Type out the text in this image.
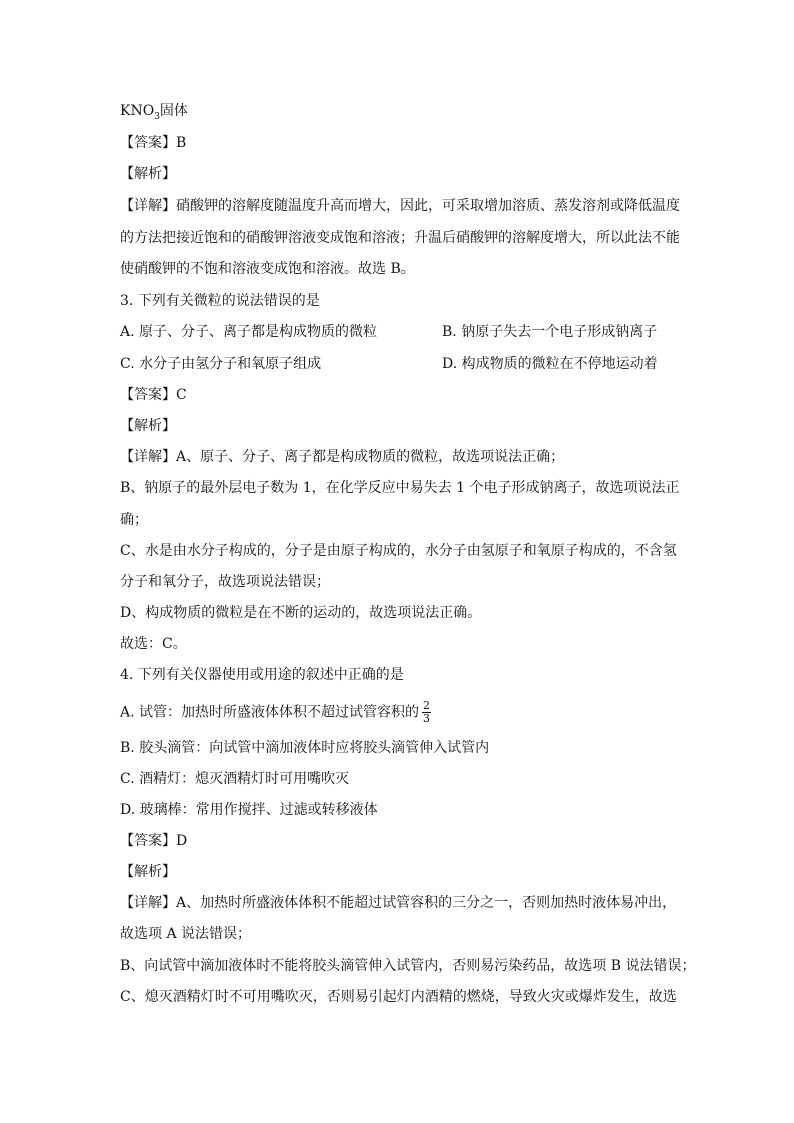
$KNO_3$固体
【答案】B
【解析】
【详解】硝酸钾的溶解度随温度升高而增大，因此，可采取增加溶质、蒸发溶剂或降低温度
的方法把接近饱和的硝酸钾溶液变成饱和溶液；升温后硝酸钾的溶解度增大，所以此法不能
使硝酸钾的不饱和溶液变成饱和溶液。故选 B。
3. 下列有关微粒的说法错误的是
A. 原子、分子、离子都是构成物质的微粒	B. 钠原子失去一个电子形成钠离子
C. 水分子由氢分子和氧原子组成	D. 构成物质的微粒在不停地运动着
【答案】C
【解析】
【详解】A、原子、分子、离子都是构成物质的微粒，故选项说法正确；
B、钠原子的最外层电子数为 1，在化学反应中易失去 1 个电子形成钠离子，故选项说法正
确；
C、水是由水分子构成的，分子是由原子构成的，水分子由氢原子和氧原子构成的，不含氢
分子和氧分子，故选项说法错误；
D、构成物质的微粒是在不断的运动的，故选项说法正确。
故选：C。
4. 下列有关仪器使用或用途的叙述中正确的是
A. 试管：加热时所盛液体体积不超过试管容积的 $\frac{2}{3}$
B. 胶头滴管：向试管中滴加液体时应将胶头滴管伸入试管内
C. 酒精灯：熄灭酒精灯时可用嘴吹灭
D. 玻璃棒：常用作搅拌、过滤或转移液体
【答案】D
【解析】
【详解】A、加热时所盛液体体积不能超过试管容积的三分之一，否则加热时液体易冲出，
故选项 A 说法错误；
B、向试管中滴加液体时不能将胶头滴管伸入试管内，否则易污染药品，故选项 B 说法错误；
C、熄灭酒精灯时不可用嘴吹灭，否则易引起灯内酒精的燃烧，导致火灾或爆炸发生，故选
